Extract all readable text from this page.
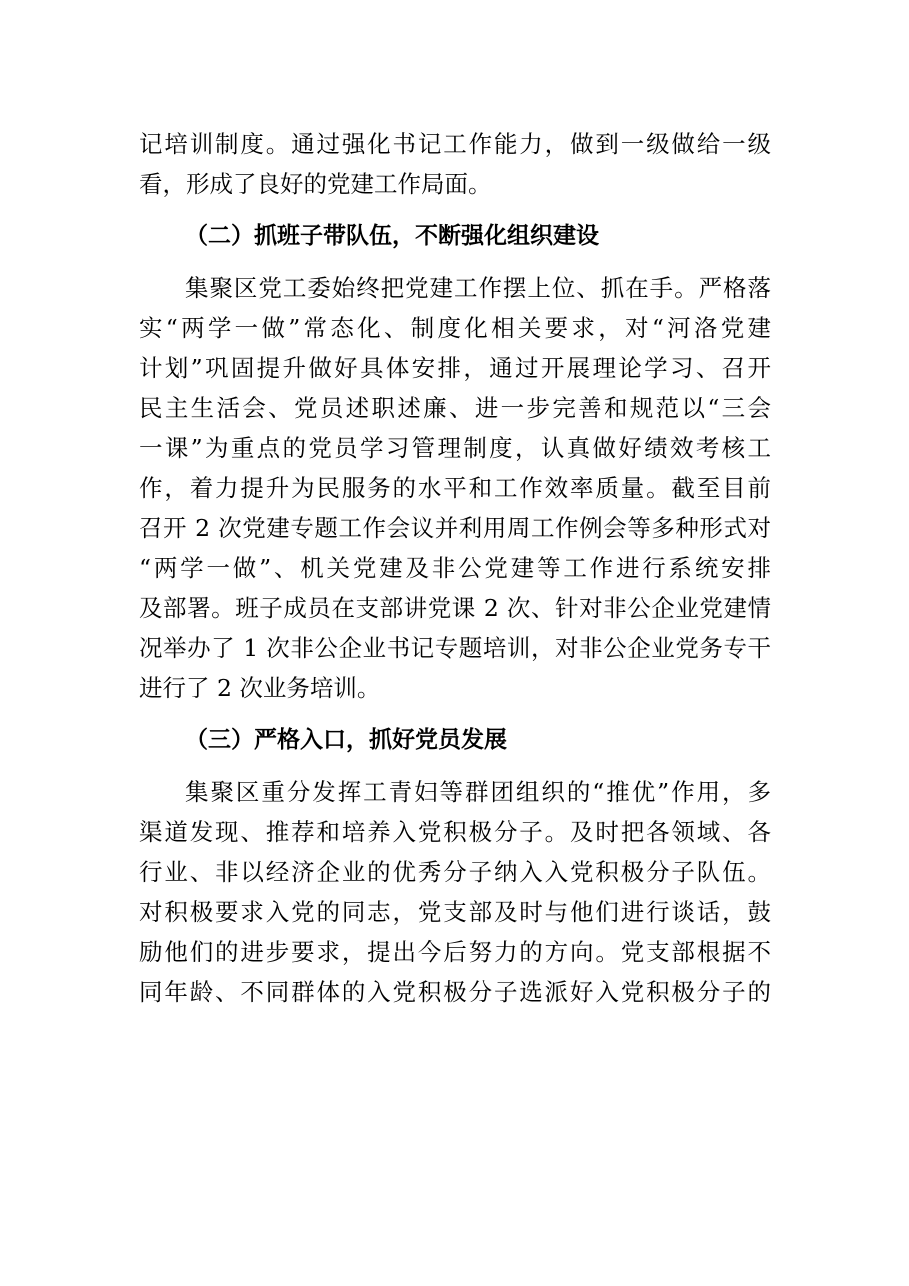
记培训制度。通过强化书记工作能力，做到一级做给一级
看，形成了良好的党建工作局面。
（二）抓班子带队伍，不断强化组织建设
集聚区党工委始终把党建工作摆上位、抓在手。严格落
实“两学一做”常态化、制度化相关要求，对“河洛党建
计划”巩固提升做好具体安排，通过开展理论学习、召开
民主生活会、党员述职述廉、进一步完善和规范以“三会
一课”为重点的党员学习管理制度，认真做好绩效考核工
作，着力提升为民服务的水平和工作效率质量。截至目前
召开 2 次党建专题工作会议并利用周工作例会等多种形式对
“两学一做”、机关党建及非公党建等工作进行系统安排
及部署。班子成员在支部讲党课 2 次、针对非公企业党建情
况举办了 1 次非公企业书记专题培训，对非公企业党务专干
进行了 2 次业务培训。
（三）严格入口，抓好党员发展
集聚区重分发挥工青妇等群团组织的“推优”作用，多
渠道发现、推荐和培养入党积极分子。及时把各领域、各
行业、非以经济企业的优秀分子纳入入党积极分子队伍。
对积极要求入党的同志，党支部及时与他们进行谈话，鼓
励他们的进步要求，提出今后努力的方向。党支部根据不
同年龄、不同群体的入党积极分子选派好入党积极分子的
